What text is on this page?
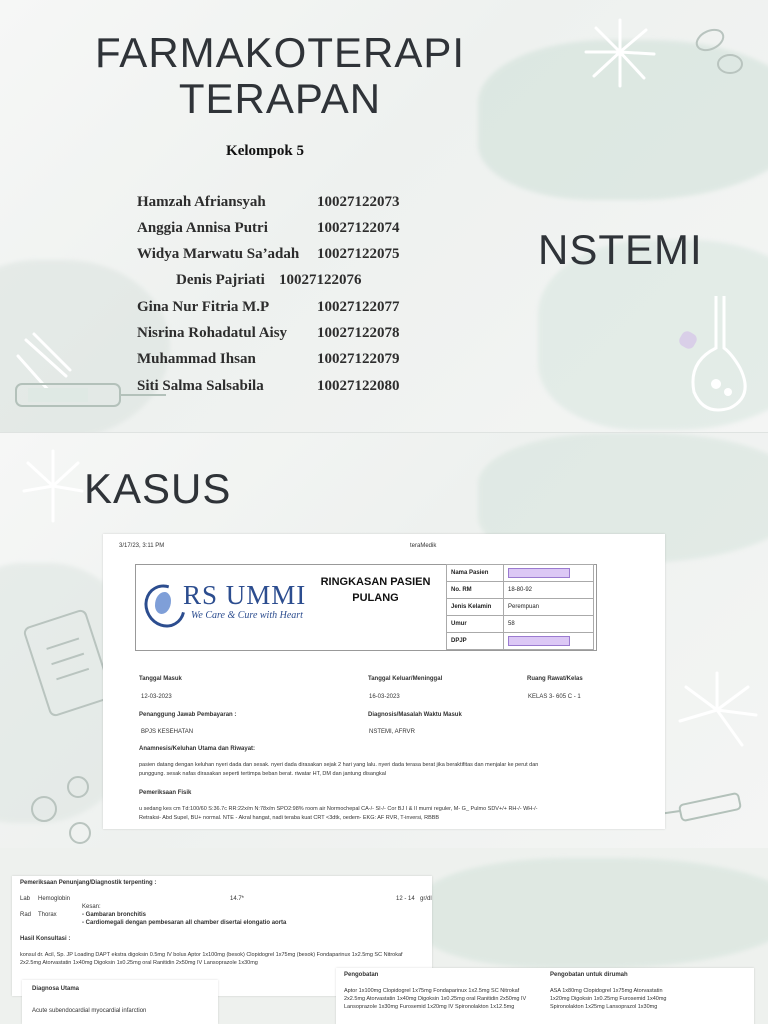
FARMAKOTERAPI TERAPAN
Kelompok 5
Hamzah Afriansyah	10027122073
Anggia Annisa Putri	10027122074
Widya Marwatu Sa’adah 10027122075
Denis Pajriati 10027122076
Gina Nur Fitria M.P	10027122077
Nisrina Rohadatul Aisy 10027122078
Muhammad Ihsan	10027122079
Siti Salma Salsabila	10027122080
NSTEMI
KASUS
3/17/23, 3:11 PM	teraMedik
RS UMMI
We Care & Cure with Heart
RINGKASAN PASIEN
PULANG
Nama Pasien	
No. RM	18-80-92
Jenis Kelamin	Perempuan
Umur	58
DPJP	
Tanggal Masuk
12-03-2023
Tanggal Keluar/Meninggal
16-03-2023
Ruang Rawat/Kelas
KELAS 3- 605 C - 1
Penanggung Jawab Pembayaran :
BPJS KESEHATAN
Diagnosis/Masalah Waktu Masuk
NSTEMI, AFRVR
Anamnesis/Keluhan Utama dan Riwayat:
pasien datang dengan keluhan nyeri dada dan sesak. nyeri dada dirasakan sejak 2 hari yang lalu. nyeri dada terasa berat jika beraktifitas dan menjalar ke perut dan
punggung. sesak nafas dirasakan seperti tertimpa beban berat. riwatar HT, DM dan jantung disangkal
Pemeriksaan Fisik
u sedang kes cm Td:100/60 S:36.7c RR:22x/m N:78x/m SPO2:98% room air Normochepal CA-/- SI-/- Cor BJ I & II murni reguler, M- G_ Pulmo SDV+/+ RH-/- WH-/-
Retraksi- Abd Supel, BU+ normal. NTE - Akral hangat, nadi teraba kuat CRT <3dtk, oedem- EKG: AF RVR, T-inversi, RBBB
Pemeriksaan Penunjang/Diagnostik terpenting :
Lab Hemoglobin	14.7*	12 - 14 gr/dl
Kesan:
Rad Thorax	- Gambaran bronchitis
- Cardiomegali dengan pembesaran all chamber disertai elongatio aorta
Hasil Konsultasi :
konsul dr. Acil, Sp. JP Loading DAPT ekstra digoksin 0.5mg IV bolus Aptor 1x100mg (besok) Clopidogrel 1x75mg (besok) Fondaparinux 1x2.5mg SC Nitrokaf
2x2.5mg Atorvastatin 1x40mg Digoksin 1x0.25mg oral Ranitidin 2x50mg IV Lansoprazole 1x30mg
Diagnosa Utama
Acute subendocardial myocardial infarction
Pengobatan
Aptor 1x100mg Clopidogrel 1x75mg Fondaparinux 1x2.5mg SC Nitrokaf
2x2.5mg Atorvastatin 1x40mg Digoksin 1x0.25mg oral Ranitidin 2x50mg IV
Lansoprazole 1x30mg Furosemid 1x20mg IV Spironolakton 1x12.5mg
Pengobatan untuk dirumah
ASA 1x80mg Clopidogrel 1x75mg Atorvastatin
1x20mg Digoksin 1x0.25mg Furosemid 1x40mg
Spironolakton 1x25mg Lansoprazol 1x30mg
